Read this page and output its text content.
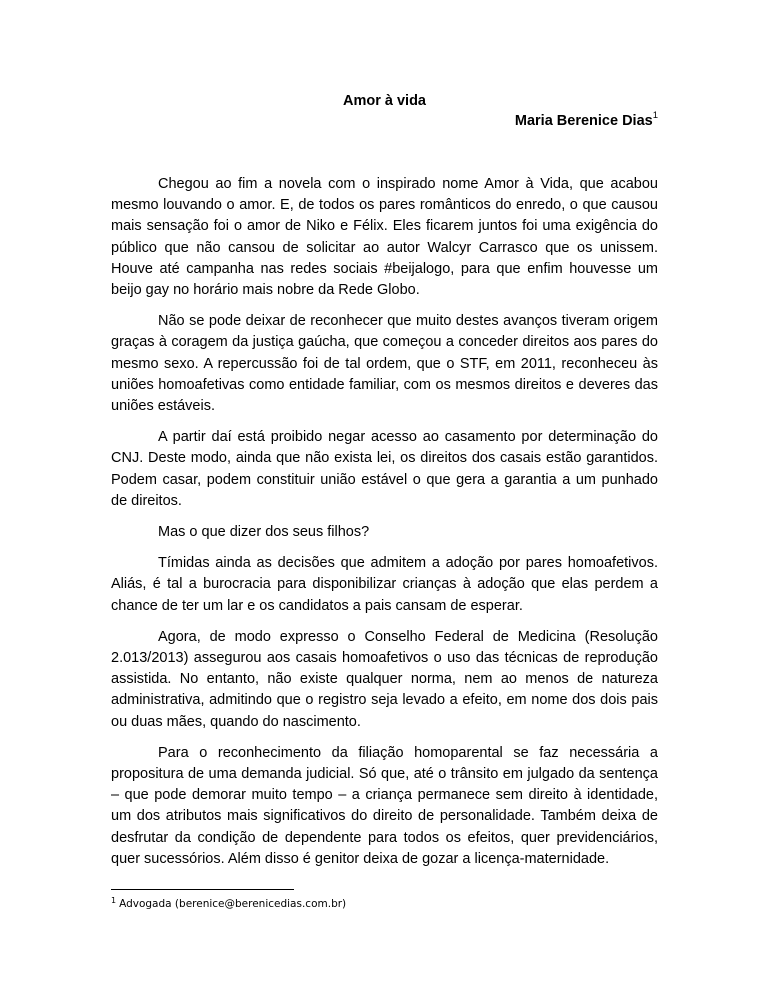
Amor à vida
Maria Berenice Dias$^1$

Chegou ao fim a novela com o inspirado nome Amor à Vida, que acabou mesmo louvando o amor. E, de todos os pares românticos do enredo, o que causou mais sensação foi o amor de Niko e Félix. Eles ficarem juntos foi uma exigência do público que não cansou de solicitar ao autor Walcyr Carrasco que os unissem. Houve até campanha nas redes sociais #beijalogo, para que enfim houvesse um beijo gay no horário mais nobre da Rede Globo.

Não se pode deixar de reconhecer que muito destes avanços tiveram origem graças à coragem da justiça gaúcha, que começou a conceder direitos aos pares do mesmo sexo. A repercussão foi de tal ordem, que o STF, em 2011, reconheceu às uniões homoafetivas como entidade familiar, com os mesmos direitos e deveres das uniões estáveis.

A partir daí está proibido negar acesso ao casamento por determinação do CNJ. Deste modo, ainda que não exista lei, os direitos dos casais estão garantidos. Podem casar, podem constituir união estável o que gera a garantia a um punhado de direitos.

Mas o que dizer dos seus filhos?

Tímidas ainda as decisões que admitem a adoção por pares homoafetivos. Aliás, é tal a burocracia para disponibilizar crianças à adoção que elas perdem a chance de ter um lar e os candidatos a pais cansam de esperar.

Agora, de modo expresso o Conselho Federal de Medicina (Resolução 2.013/2013) assegurou aos casais homoafetivos o uso das técnicas de reprodução assistida. No entanto, não existe qualquer norma, nem ao menos de natureza administrativa, admitindo que o registro seja levado a efeito, em nome dos dois pais ou duas mães, quando do nascimento.

Para o reconhecimento da filiação homoparental se faz necessária a propositura de uma demanda judicial. Só que, até o trânsito em julgado da sentença – que pode demorar muito tempo – a criança permanece sem direito à identidade, um dos atributos mais significativos do direito de personalidade. Também deixa de desfrutar da condição de dependente para todos os efeitos, quer previdenciários, quer sucessórios. Além disso é genitor deixa de gozar a licença-maternidade.

$^1$ Advogada (berenice@berenicedias.com.br)
